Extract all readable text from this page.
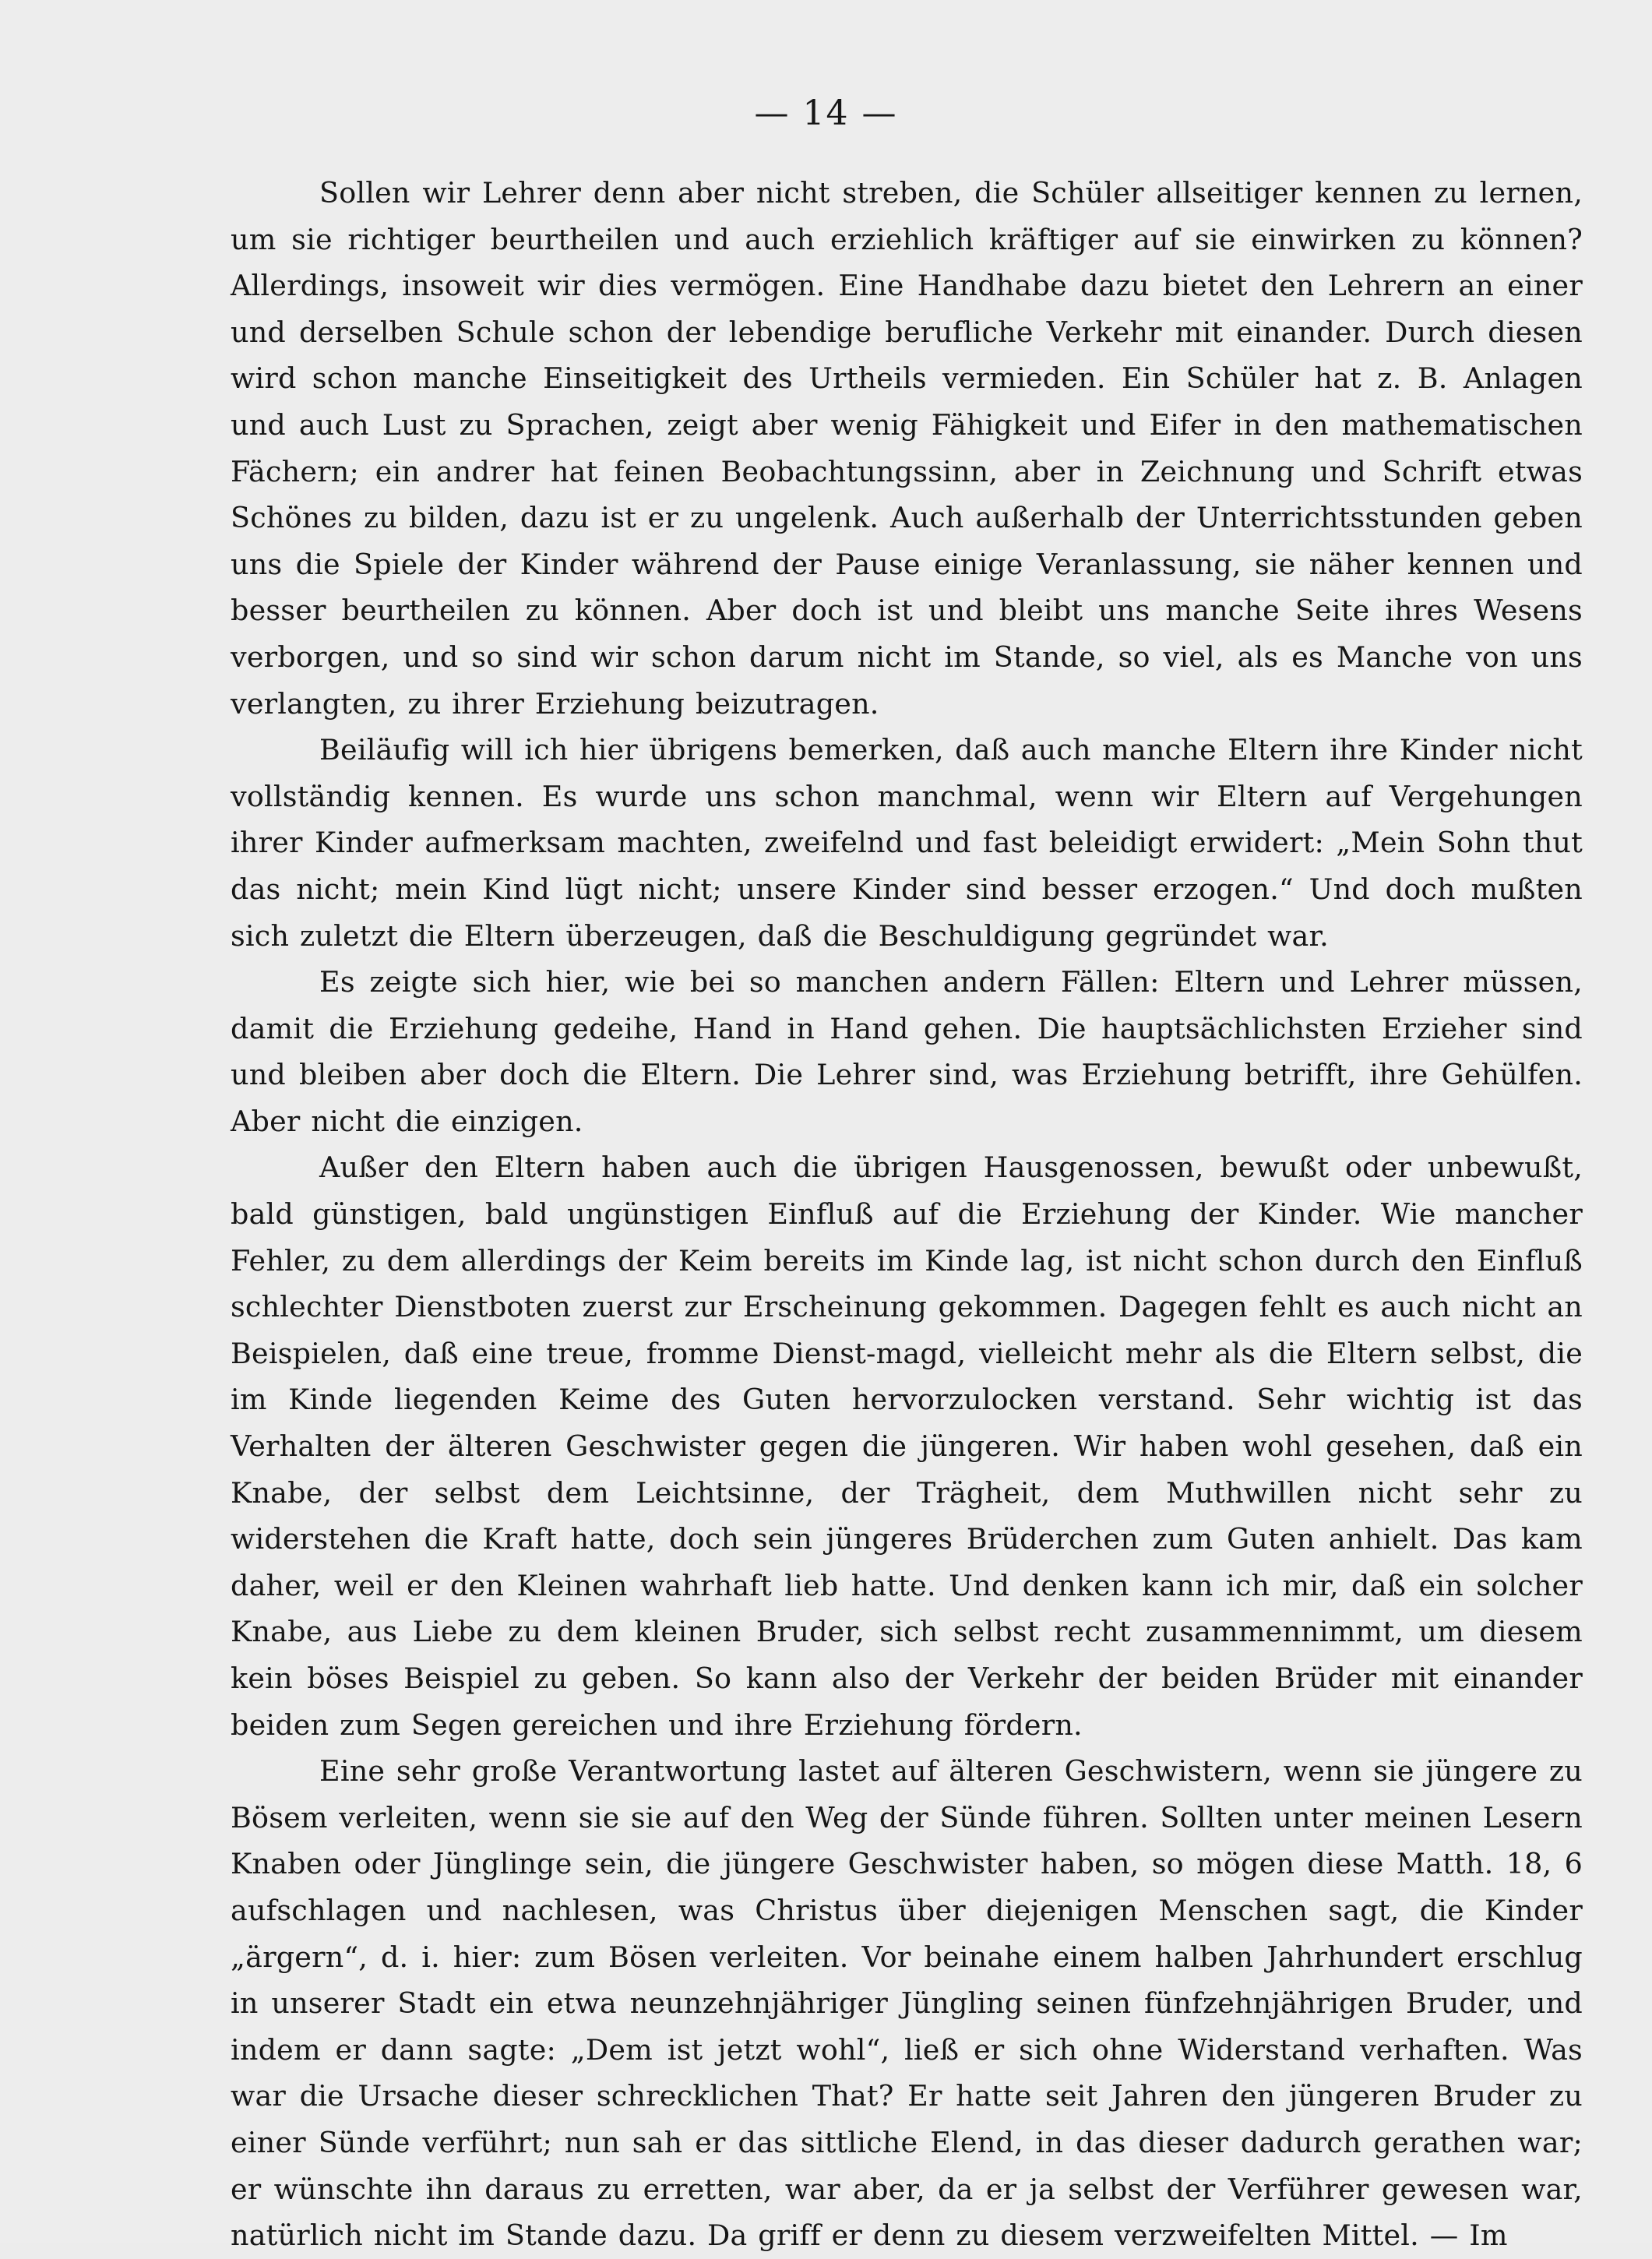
— 14 —

Sollen wir Lehrer denn aber nicht streben, die Schüler allseitiger kennen zu lernen, um sie richtiger beurtheilen und auch erziehlich kräftiger auf sie einwirken zu können? Allerdings, insoweit wir dies vermögen. Eine Handhabe dazu bietet den Lehrern an einer und derselben Schule schon der lebendige berufliche Verkehr mit einander. Durch diesen wird schon manche Einseitigkeit des Urtheils vermieden. Ein Schüler hat z. B. Anlagen und auch Lust zu Sprachen, zeigt aber wenig Fähigkeit und Eifer in den mathematischen Fächern; ein andrer hat feinen Beobachtungssinn, aber in Zeichnung und Schrift etwas Schönes zu bilden, dazu ist er zu ungelenk. Auch außerhalb der Unterrichtsstunden geben uns die Spiele der Kinder während der Pause einige Veranlassung, sie näher kennen und besser beurtheilen zu können. Aber doch ist und bleibt uns manche Seite ihres Wesens verborgen, und so sind wir schon darum nicht im Stande, so viel, als es Manche von uns verlangten, zu ihrer Erziehung beizutragen.

Beiläufig will ich hier übrigens bemerken, daß auch manche Eltern ihre Kinder nicht vollständig kennen. Es wurde uns schon manchmal, wenn wir Eltern auf Vergehungen ihrer Kinder aufmerksam machten, zweifelnd und fast beleidigt erwidert: „Mein Sohn thut das nicht; mein Kind lügt nicht; unsere Kinder sind besser erzogen.“ Und doch mußten sich zuletzt die Eltern überzeugen, daß die Beschuldigung gegründet war.

Es zeigte sich hier, wie bei so manchen andern Fällen: Eltern und Lehrer müssen, damit die Erziehung gedeihe, Hand in Hand gehen. Die hauptsächlichsten Erzieher sind und bleiben aber doch die Eltern. Die Lehrer sind, was Erziehung betrifft, ihre Gehülfen. Aber nicht die einzigen.

Außer den Eltern haben auch die übrigen Hausgenossen, bewußt oder unbewußt, bald günstigen, bald ungünstigen Einfluß auf die Erziehung der Kinder. Wie mancher Fehler, zu dem allerdings der Keim bereits im Kinde lag, ist nicht schon durch den Einfluß schlechter Dienstboten zuerst zur Erscheinung gekommen. Dagegen fehlt es auch nicht an Beispielen, daß eine treue, fromme Dienst-magd, vielleicht mehr als die Eltern selbst, die im Kinde liegenden Keime des Guten hervorzulocken verstand. Sehr wichtig ist das Verhalten der älteren Geschwister gegen die jüngeren. Wir haben wohl gesehen, daß ein Knabe, der selbst dem Leichtsinne, der Trägheit, dem Muthwillen nicht sehr zu widerstehen die Kraft hatte, doch sein jüngeres Brüderchen zum Guten anhielt. Das kam daher, weil er den Kleinen wahrhaft lieb hatte. Und denken kann ich mir, daß ein solcher Knabe, aus Liebe zu dem kleinen Bruder, sich selbst recht zusammennimmt, um diesem kein böses Beispiel zu geben. So kann also der Verkehr der beiden Brüder mit einander beiden zum Segen gereichen und ihre Erziehung fördern.

Eine sehr große Verantwortung lastet auf älteren Geschwistern, wenn sie jüngere zu Bösem verleiten, wenn sie sie auf den Weg der Sünde führen. Sollten unter meinen Lesern Knaben oder Jünglinge sein, die jüngere Geschwister haben, so mögen diese Matth. 18, 6 aufschlagen und nachlesen, was Christus über diejenigen Menschen sagt, die Kinder „ärgern“, d. i. hier: zum Bösen verleiten. Vor beinahe einem halben Jahrhundert erschlug in unserer Stadt ein etwa neunzehnjähriger Jüngling seinen fünfzehnjährigen Bruder, und indem er dann sagte: „Dem ist jetzt wohl“, ließ er sich ohne Widerstand verhaften. Was war die Ursache dieser schrecklichen That? Er hatte seit Jahren den jüngeren Bruder zu einer Sünde verführt; nun sah er das sittliche Elend, in das dieser dadurch gerathen war; er wünschte ihn daraus zu erretten, war aber, da er ja selbst der Verführer gewesen war, natürlich nicht im Stande dazu. Da griff er denn zu diesem verzweifelten Mittel. — Im
